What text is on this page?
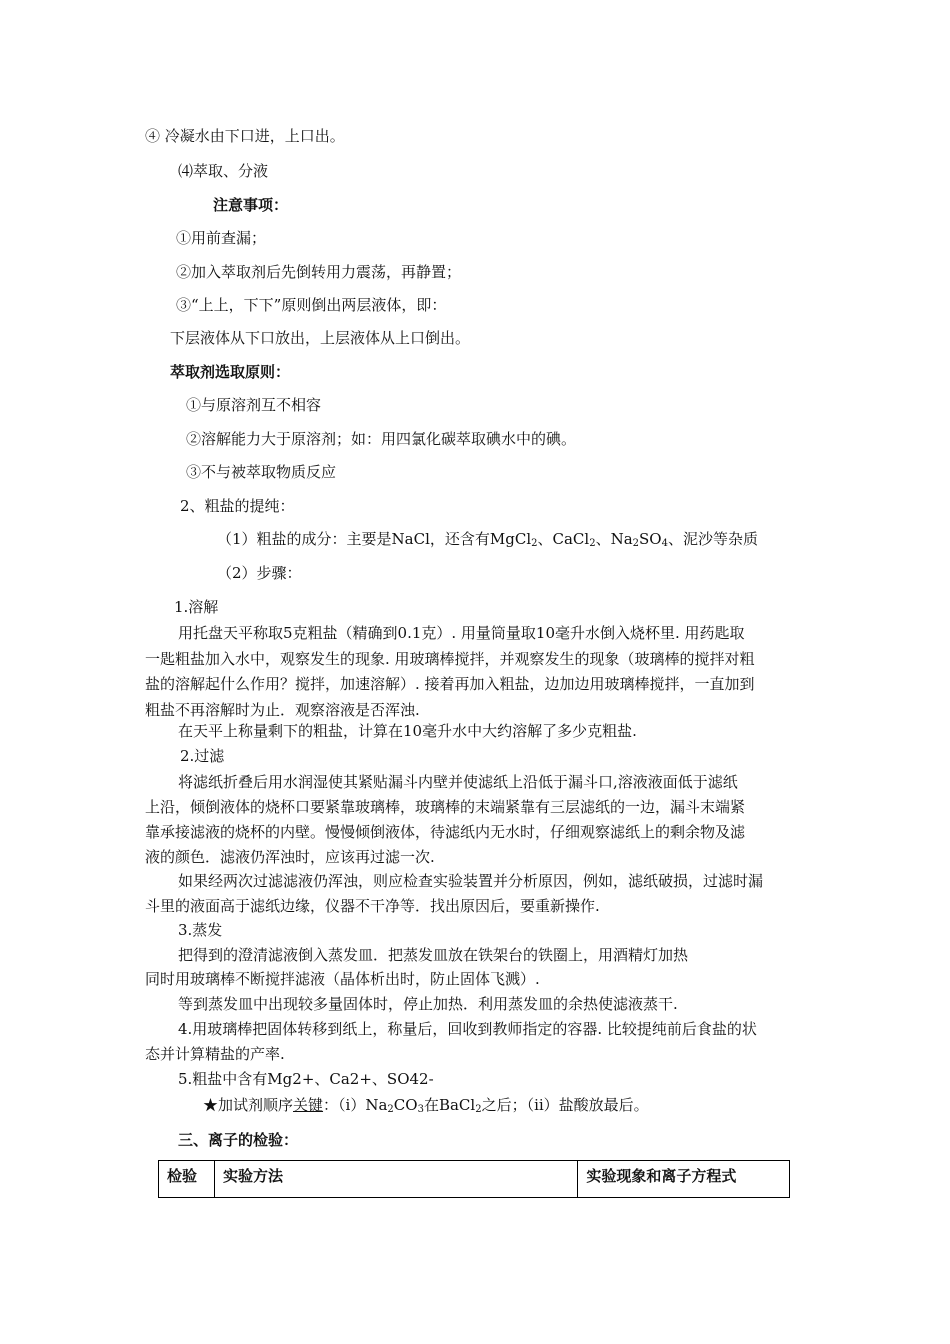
④ 冷凝水由下口进，上口出。
⑷萃取、分液
注意事项：
①用前查漏；
②加入萃取剂后先倒转用力震荡，再静置；
③“上上，下下”原则倒出两层液体，即：
下层液体从下口放出，上层液体从上口倒出。
萃取剂选取原则：
①与原溶剂互不相容
②溶解能力大于原溶剂；如：用四氯化碳萃取碘水中的碘。
③不与被萃取物质反应
2、粗盐的提纯：
（1）粗盐的成分：主要是NaCl，还含有MgCl$_2$、CaCl$_2$、$Na_2SO_4$、泥沙等杂质
（2）步骤：
1.溶解
用托盘天平称取5克粗盐（精确到0.1克）. 用量筒量取10毫升水倒入烧杯里. 用药匙取
一匙粗盐加入水中，观察发生的现象. 用玻璃棒搅拌，并观察发生的现象（玻璃棒的搅拌对粗
盐的溶解起什么作用？搅拌，加速溶解）. 接着再加入粗盐，边加边用玻璃棒搅拌，一直加到
粗盐不再溶解时为止．观察溶液是否浑浊.
在天平上称量剩下的粗盐，计算在10毫升水中大约溶解了多少克粗盐.
2.过滤
将滤纸折叠后用水润湿使其紧贴漏斗内壁并使滤纸上沿低于漏斗口,溶液液面低于滤纸
上沿，倾倒液体的烧杯口要紧靠玻璃棒，玻璃棒的末端紧靠有三层滤纸的一边，漏斗末端紧
靠承接滤液的烧杯的内壁。慢慢倾倒液体，待滤纸内无水时，仔细观察滤纸上的剩余物及滤
液的颜色．滤液仍浑浊时，应该再过滤一次.
如果经两次过滤滤液仍浑浊，则应检查实验装置并分析原因，例如，滤纸破损，过滤时漏
斗里的液面高于滤纸边缘，仪器不干净等．找出原因后，要重新操作.
3.蒸发
把得到的澄清滤液倒入蒸发皿．把蒸发皿放在铁架台的铁圈上，用酒精灯加热
同时用玻璃棒不断搅拌滤液（晶体析出时，防止固体飞溅）.
等到蒸发皿中出现较多量固体时，停止加热．利用蒸发皿的余热使滤液蒸干.
4.用玻璃棒把固体转移到纸上，称量后，回收到教师指定的容器. 比较提纯前后食盐的状
态并计算精盐的产率.
5.粗盐中含有Mg2+、Ca2+、SO42-
★加试剂顺序关键：$(ⅰ)Na_2CO_3$在BaCl$_2$之后；（ⅱ）盐酸放最后。
三、离子的检验：
检验	实验方法	实验现象和离子方程式
